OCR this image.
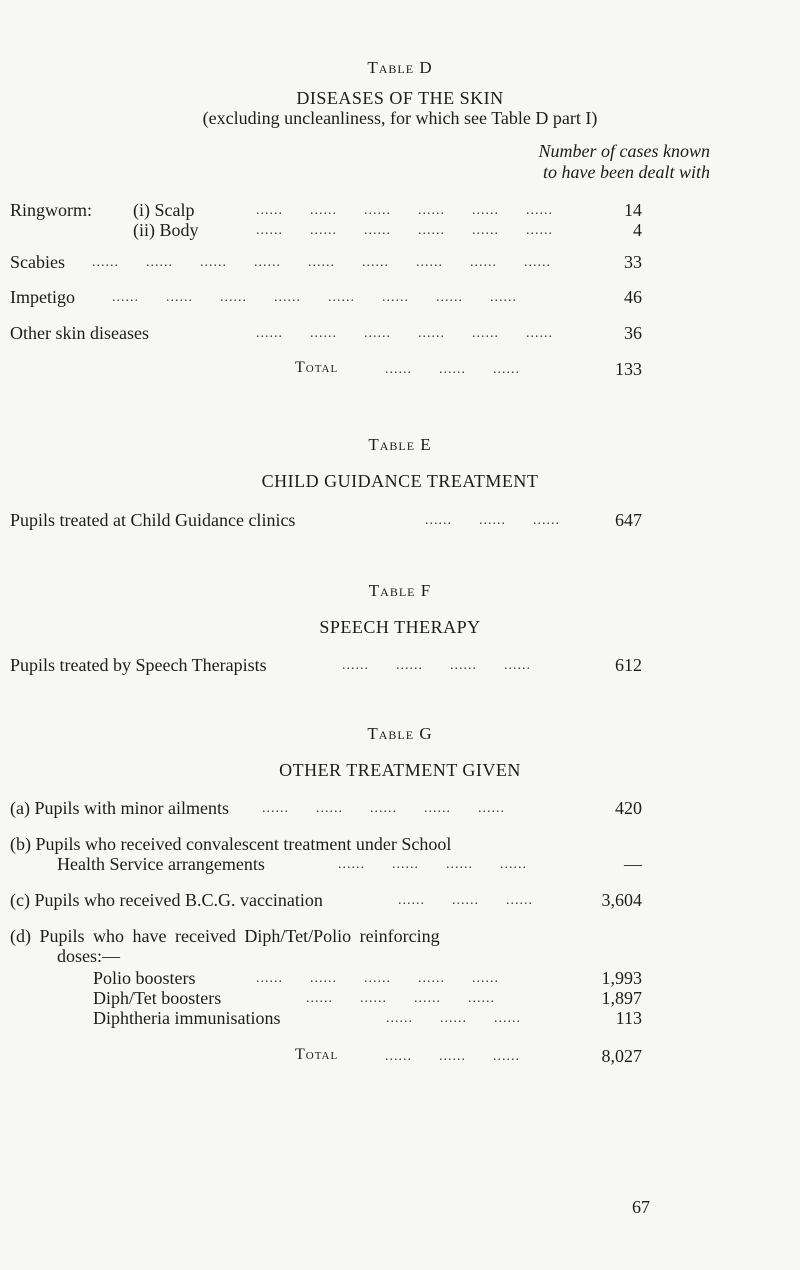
Table D
DISEASES OF THE SKIN
(excluding uncleanliness, for which see Table D part I)
Number of cases known
to have been dealt with
Ringworm: (i) Scalp	......      ......      ......      ......      ......      ......	14
(ii) Body	......      ......      ......      ......      ......      ......	4
Scabies ......      ......      ......      ......      ......      ......      ......      ......      ......	33
Impetigo	......      ......      ......      ......      ......      ......      ......      ......	46
Other skin diseases	......      ......      ......      ......      ......      ......	36
Total	......      ......      ......	133
Table E
CHILD GUIDANCE TREATMENT
Pupils treated at Child Guidance clinics	......      ......      ......	647
Table F
SPEECH THERAPY
Pupils treated by Speech Therapists	......      ......      ......      ......	612
Table G
OTHER TREATMENT GIVEN
(a) Pupils with minor ailments ......      ......      ......      ......      ......	420
(b) Pupils who received convalescent treatment under School
Health Service arrangements	......      ......      ......      ......	—
(c) Pupils who received B.C.G. vaccination	......      ......      ......	3,604
(d) Pupils who have received Diph/Tet/Polio reinforcing
doses:—
Polio boosters	......      ......      ......      ......      ......	1,993
Diph/Tet boosters	......      ......      ......      ......	1,897
Diphtheria immunisations	......      ......      ......	113
Total	......      ......      ......	8,027
67
